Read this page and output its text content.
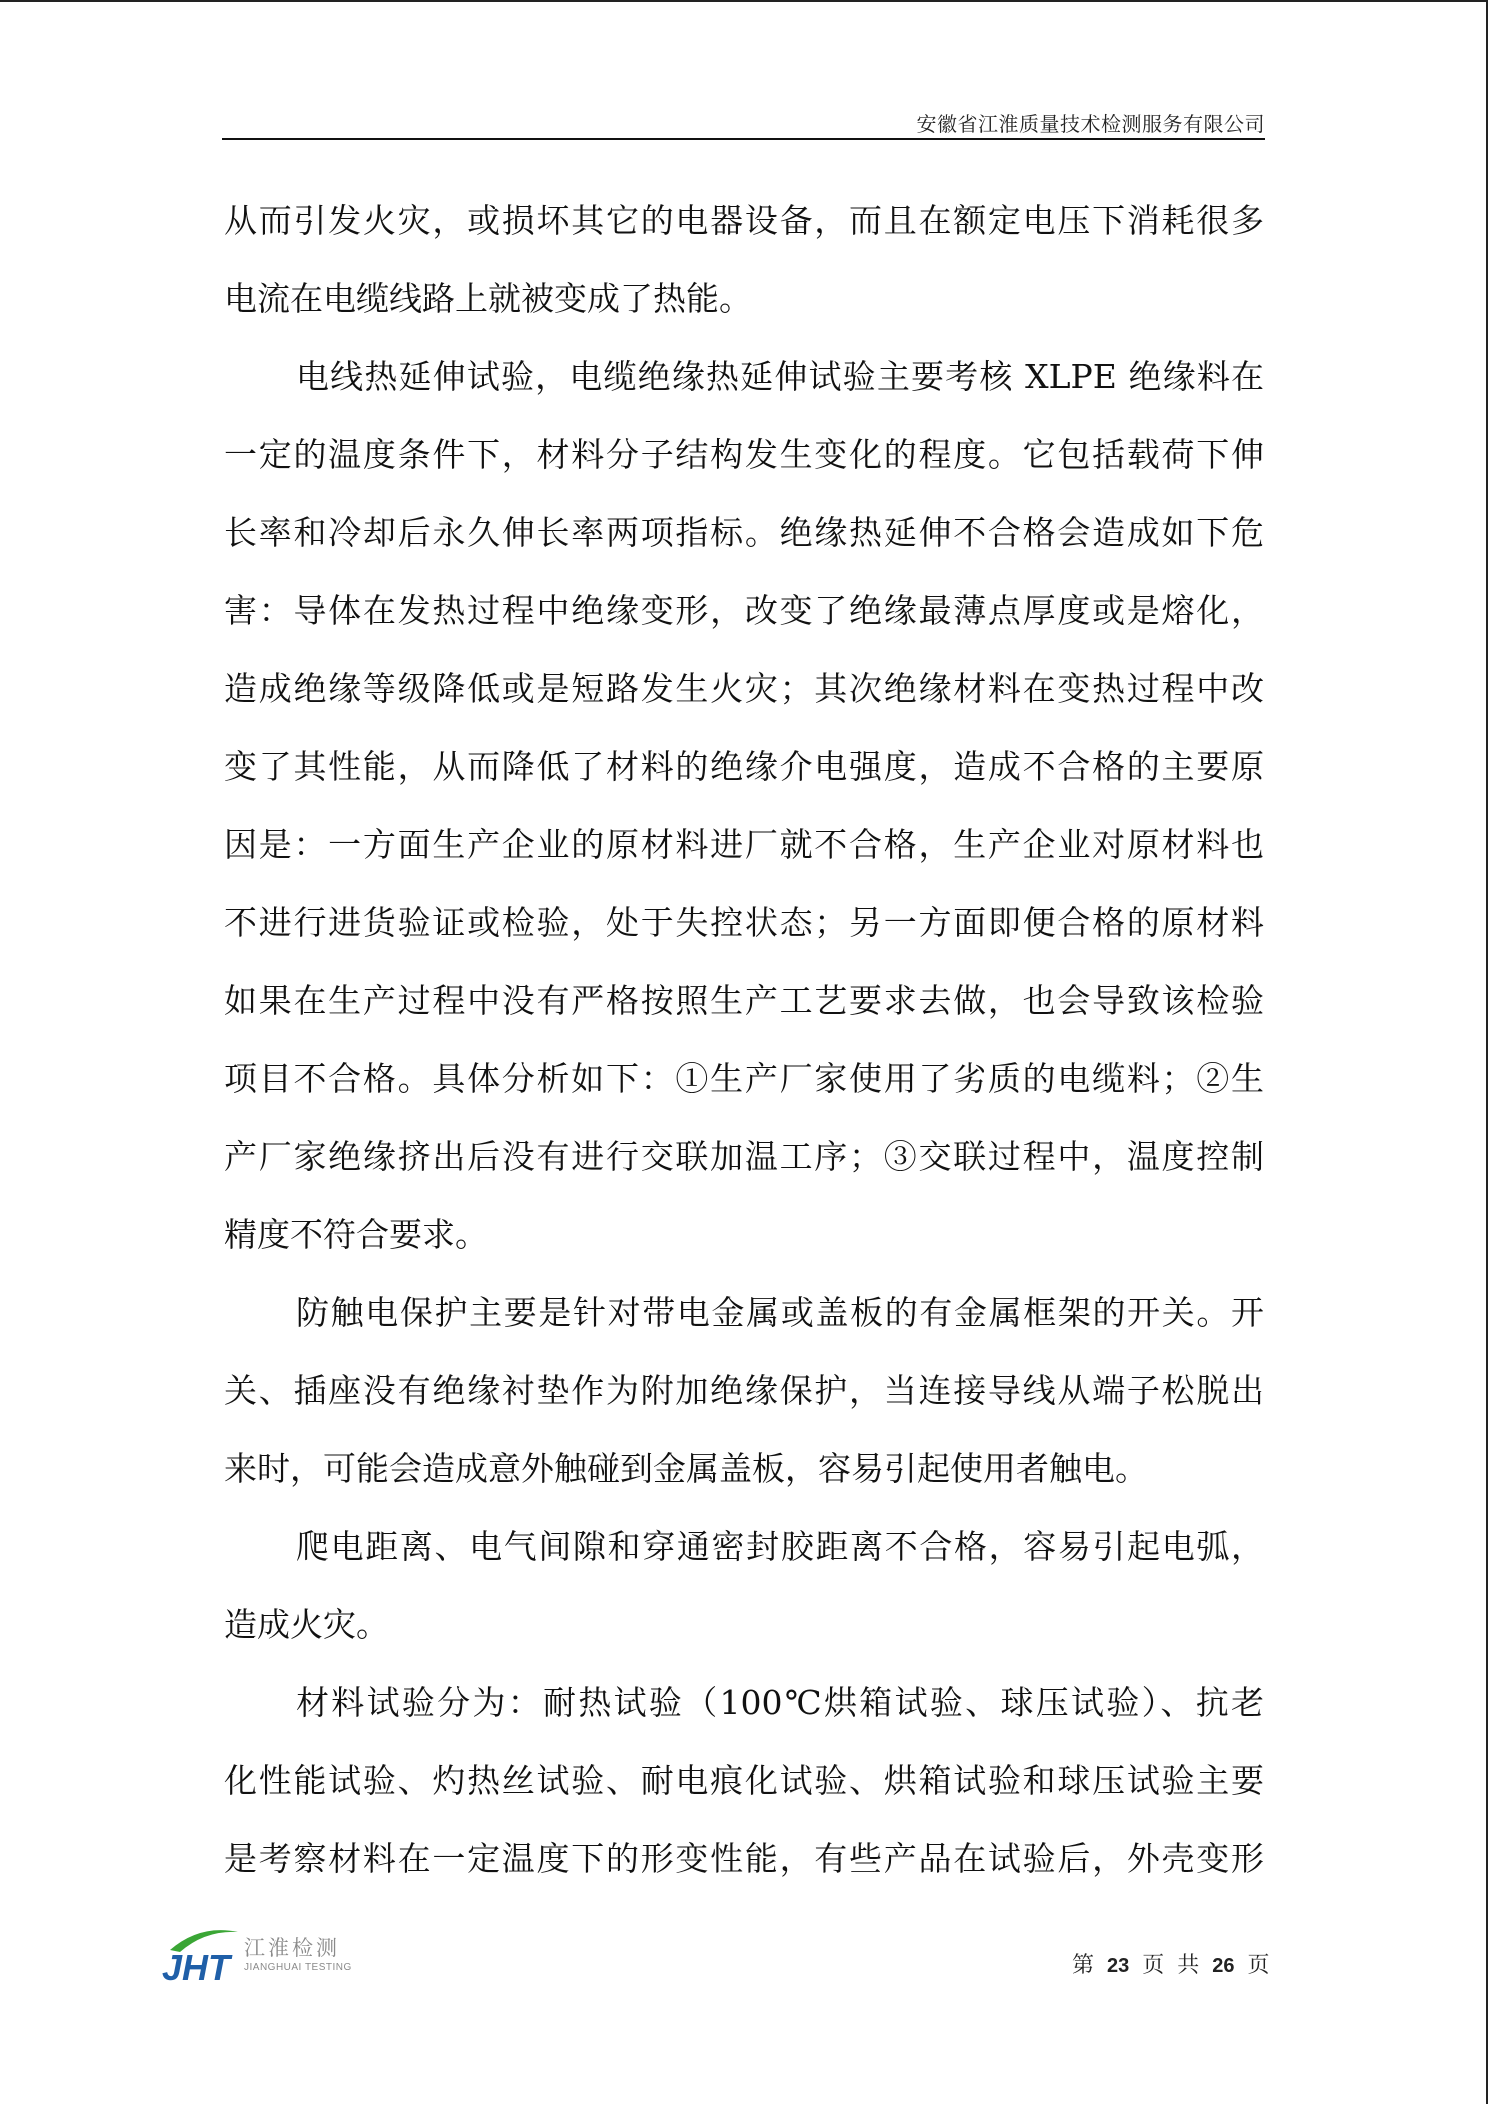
安徽省江淮质量技术检测服务有限公司
从而引发火灾，或损坏其它的电器设备，而且在额定电压下消耗很多
电流在电缆线路上就被变成了热能。
电线热延伸试验，电缆绝缘热延伸试验主要考核 XLPE 绝缘料在
一定的温度条件下，材料分子结构发生变化的程度。它包括载荷下伸
长率和冷却后永久伸长率两项指标。绝缘热延伸不合格会造成如下危
害：导体在发热过程中绝缘变形，改变了绝缘最薄点厚度或是熔化，
造成绝缘等级降低或是短路发生火灾；其次绝缘材料在变热过程中改
变了其性能，从而降低了材料的绝缘介电强度，造成不合格的主要原
因是：一方面生产企业的原材料进厂就不合格，生产企业对原材料也
不进行进货验证或检验，处于失控状态；另一方面即便合格的原材料
如果在生产过程中没有严格按照生产工艺要求去做，也会导致该检验
项目不合格。具体分析如下：①生产厂家使用了劣质的电缆料；②生
产厂家绝缘挤出后没有进行交联加温工序；③交联过程中，温度控制
精度不符合要求。
防触电保护主要是针对带电金属或盖板的有金属框架的开关。开
关、插座没有绝缘衬垫作为附加绝缘保护，当连接导线从端子松脱出
来时，可能会造成意外触碰到金属盖板，容易引起使用者触电。
爬电距离、电气间隙和穿通密封胶距离不合格，容易引起电弧，
造成火灾。
材料试验分为：耐热试验（100℃烘箱试验、球压试验）、抗老
化性能试验、灼热丝试验、耐电痕化试验、烘箱试验和球压试验主要
是考察材料在一定温度下的形变性能，有些产品在试验后，外壳变形
JHT 江淮检测
JIANGHUAI TESTING	第 23 页 共 26 页
